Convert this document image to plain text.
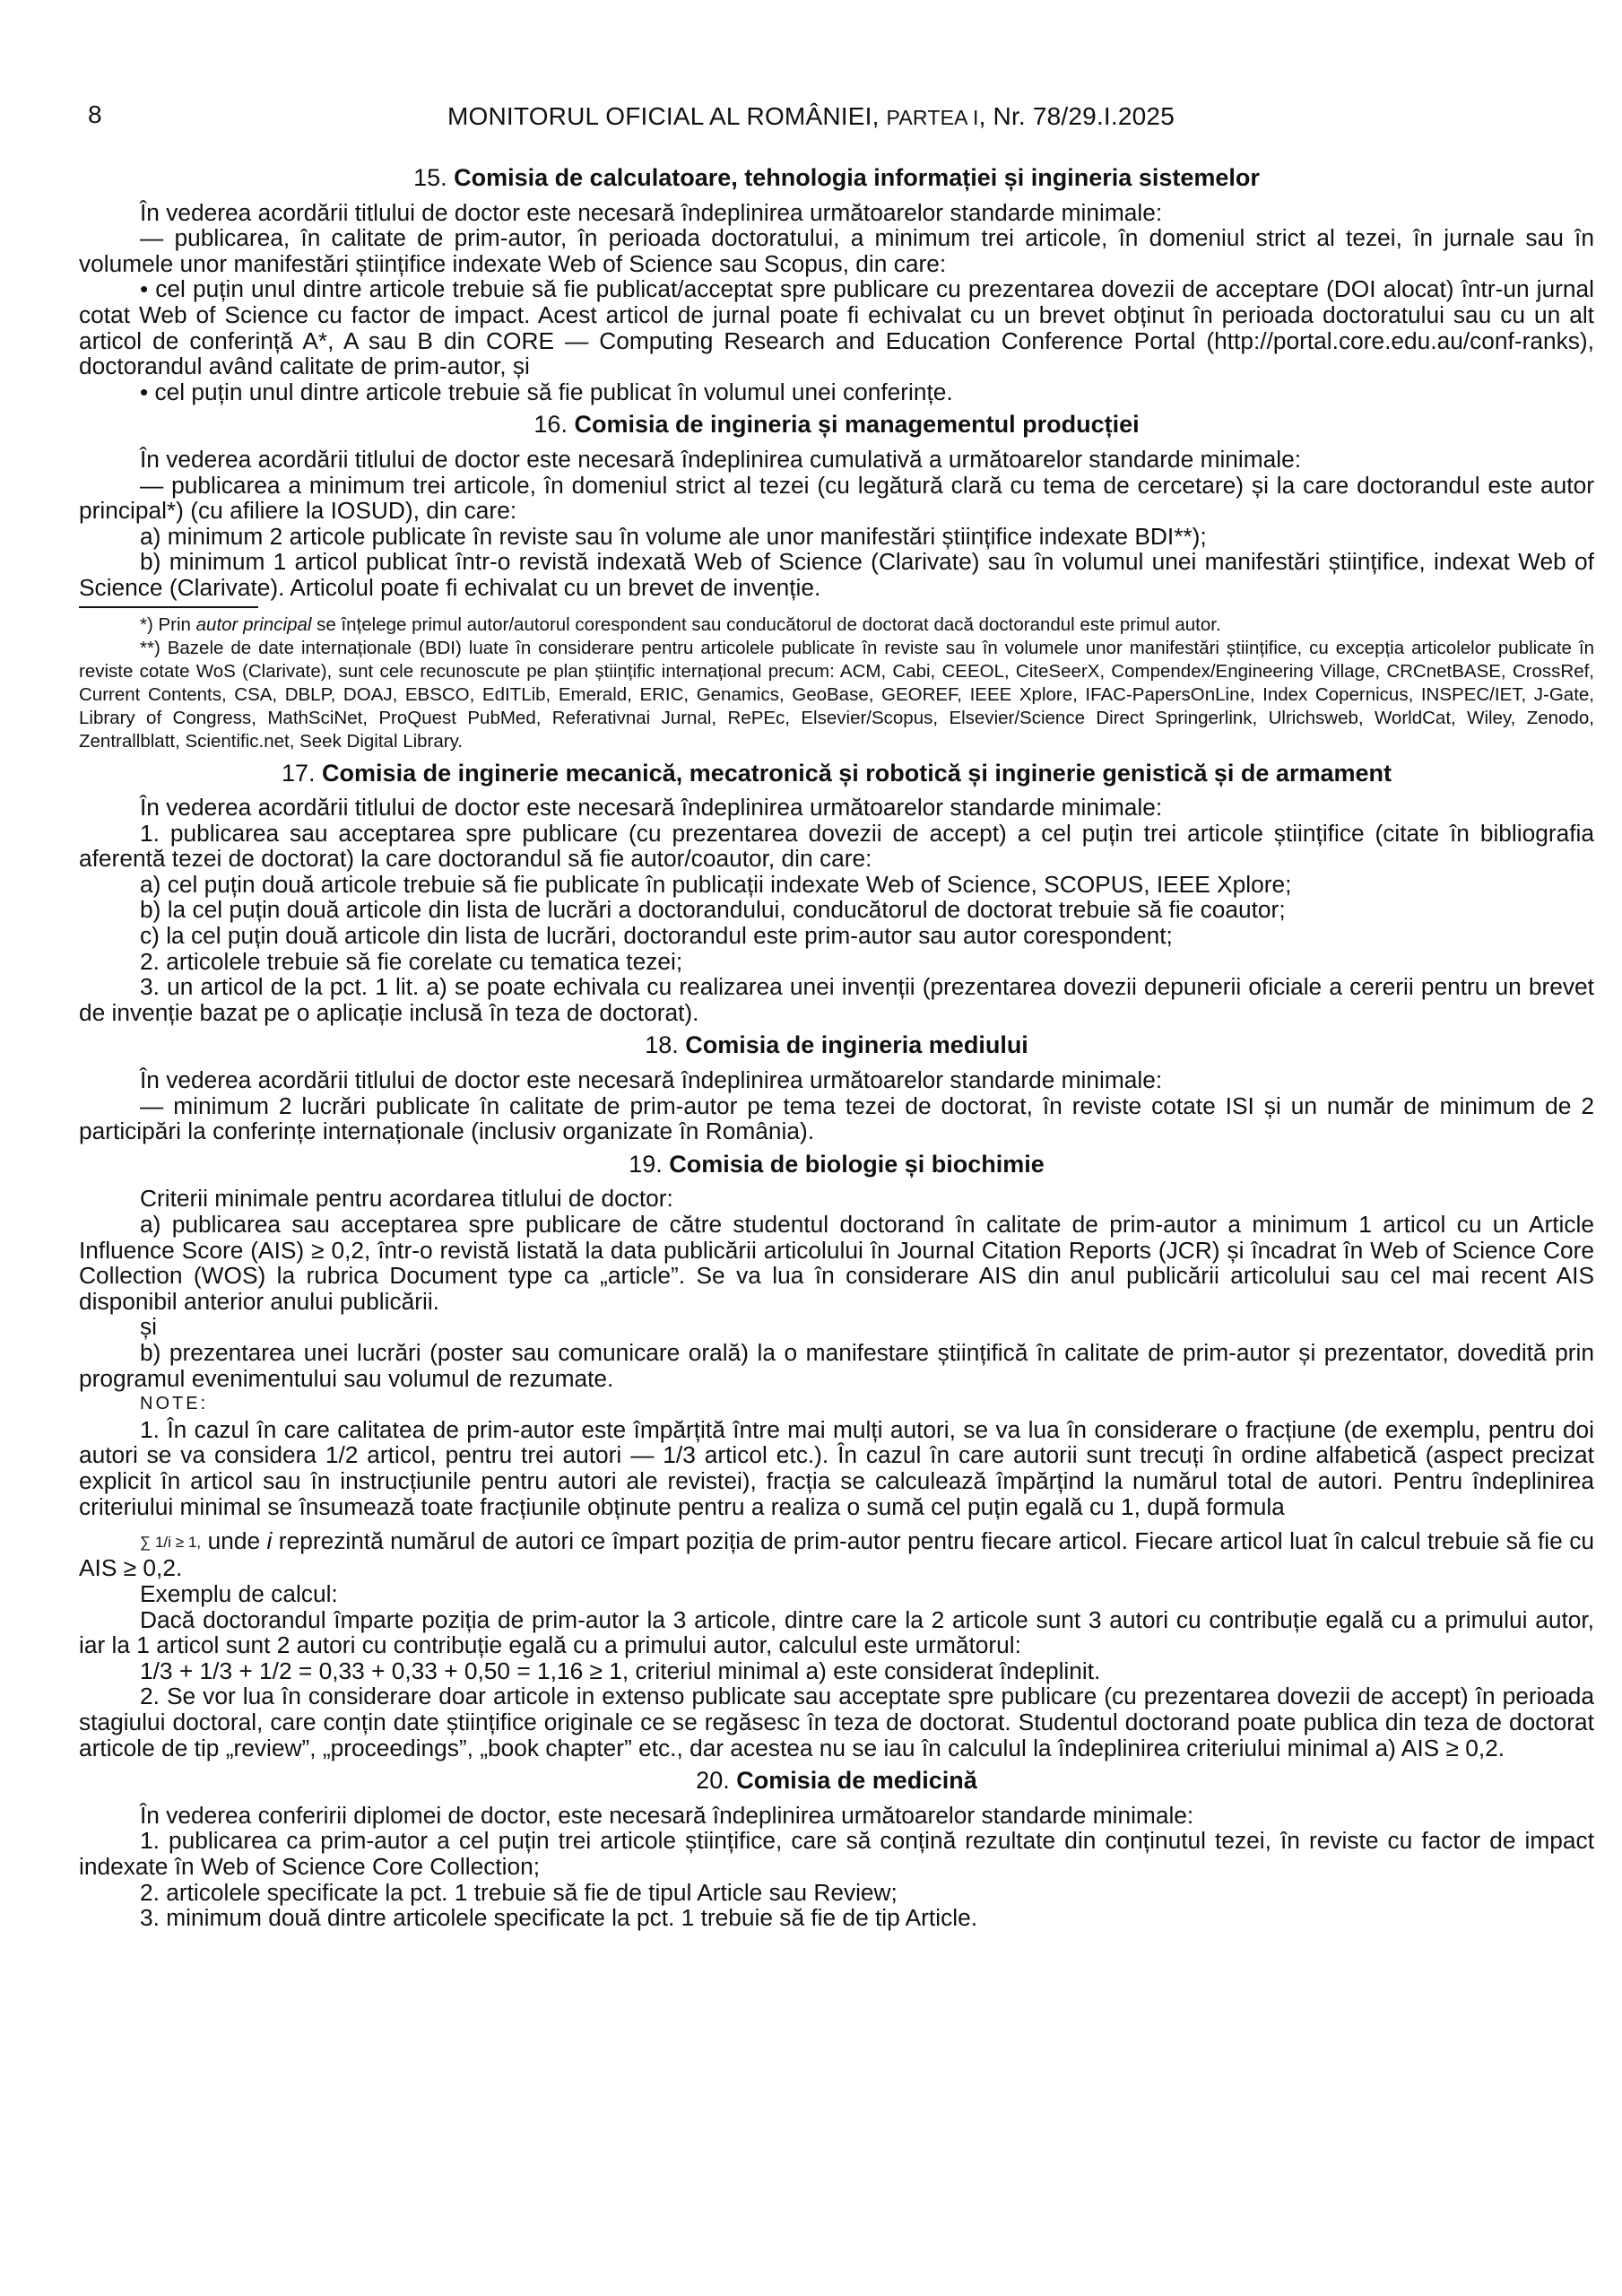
8	MONITORUL OFICIAL AL ROMÂNIEI, PARTEA I, Nr. 78/29.I.2025
15. Comisia de calculatoare, tehnologia informației și ingineria sistemelor
În vederea acordării titlului de doctor este necesară îndeplinirea următoarelor standarde minimale:
— publicarea, în calitate de prim-autor, în perioada doctoratului, a minimum trei articole, în domeniul strict al tezei, în jurnale sau în volumele unor manifestări științifice indexate Web of Science sau Scopus, din care:
• cel puțin unul dintre articole trebuie să fie publicat/acceptat spre publicare cu prezentarea dovezii de acceptare (DOI alocat) într-un jurnal cotat Web of Science cu factor de impact. Acest articol de jurnal poate fi echivalat cu un brevet obținut în perioada doctoratului sau cu un alt articol de conferință A*, A sau B din CORE — Computing Research and Education Conference Portal (http://portal.core.edu.au/conf-ranks), doctorandul având calitate de prim-autor, și
• cel puțin unul dintre articole trebuie să fie publicat în volumul unei conferințe.
16. Comisia de ingineria și managementul producției
În vederea acordării titlului de doctor este necesară îndeplinirea cumulativă a următoarelor standarde minimale:
— publicarea a minimum trei articole, în domeniul strict al tezei (cu legătură clară cu tema de cercetare) și la care doctorandul este autor principal*) (cu afiliere la IOSUD), din care:
a) minimum 2 articole publicate în reviste sau în volume ale unor manifestări științifice indexate BDI**);
b) minimum 1 articol publicat într-o revistă indexată Web of Science (Clarivate) sau în volumul unei manifestări științifice, indexat Web of Science (Clarivate). Articolul poate fi echivalat cu un brevet de invenție.
*) Prin autor principal se înțelege primul autor/autorul corespondent sau conducătorul de doctorat dacă doctorandul este primul autor.
**) Bazele de date internaționale (BDI) luate în considerare pentru articolele publicate în reviste sau în volumele unor manifestări științifice, cu excepția articolelor publicate în reviste cotate WoS (Clarivate), sunt cele recunoscute pe plan științific internațional precum: ACM, Cabi, CEEOL, CiteSeerX, Compendex/Engineering Village, CRCnetBASE, CrossRef, Current Contents, CSA, DBLP, DOAJ, EBSCO, EdITLib, Emerald, ERIC, Genamics, GeoBase, GEOREF, IEEE Xplore, IFAC-PapersOnLine, Index Copernicus, INSPEC/IET, J-Gate, Library of Congress, MathSciNet, ProQuest PubMed, Referativnai Jurnal, RePEc, Elsevier/Scopus, Elsevier/Science Direct Springerlink, Ulrichsweb, WorldCat, Wiley, Zenodo, Zentrallblatt, Scientific.net, Seek Digital Library.
17. Comisia de inginerie mecanică, mecatronică și robotică și inginerie genistică și de armament
În vederea acordării titlului de doctor este necesară îndeplinirea următoarelor standarde minimale:
1. publicarea sau acceptarea spre publicare (cu prezentarea dovezii de accept) a cel puțin trei articole științifice (citate în bibliografia aferentă tezei de doctorat) la care doctorandul să fie autor/coautor, din care:
a) cel puțin două articole trebuie să fie publicate în publicații indexate Web of Science, SCOPUS, IEEE Xplore;
b) la cel puțin două articole din lista de lucrări a doctorandului, conducătorul de doctorat trebuie să fie coautor;
c) la cel puțin două articole din lista de lucrări, doctorandul este prim-autor sau autor corespondent;
2. articolele trebuie să fie corelate cu tematica tezei;
3. un articol de la pct. 1 lit. a) se poate echivala cu realizarea unei invenții (prezentarea dovezii depunerii oficiale a cererii pentru un brevet de invenție bazat pe o aplicație inclusă în teza de doctorat).
18. Comisia de ingineria mediului
În vederea acordării titlului de doctor este necesară îndeplinirea următoarelor standarde minimale:
— minimum 2 lucrări publicate în calitate de prim-autor pe tema tezei de doctorat, în reviste cotate ISI și un număr de minimum de 2 participări la conferințe internaționale (inclusiv organizate în România).
19. Comisia de biologie și biochimie
Criterii minimale pentru acordarea titlului de doctor:
a) publicarea sau acceptarea spre publicare de către studentul doctorand în calitate de prim-autor a minimum 1 articol cu un Article Influence Score (AIS) ≥ 0,2, într-o revistă listată la data publicării articolului în Journal Citation Reports (JCR) și încadrat în Web of Science Core Collection (WOS) la rubrica Document type ca „article”. Se va lua în considerare AIS din anul publicării articolului sau cel mai recent AIS disponibil anterior anului publicării.
și
b) prezentarea unei lucrări (poster sau comunicare orală) la o manifestare științifică în calitate de prim-autor și prezentator, dovedită prin programul evenimentului sau volumul de rezumate.
NOTE:
1. În cazul în care calitatea de prim-autor este împărțită între mai mulți autori, se va lua în considerare o fracțiune (de exemplu, pentru doi autori se va considera 1/2 articol, pentru trei autori — 1/3 articol etc.). În cazul în care autorii sunt trecuți în ordine alfabetică (aspect precizat explicit în articol sau în instrucțiunile pentru autori ale revistei), fracția se calculează împărțind la numărul total de autori. Pentru îndeplinirea criteriului minimal se însumează toate fracțiunile obținute pentru a realiza o sumă cel puțin egală cu 1, după formula
∑ 1/i ≥ 1, unde i reprezintă numărul de autori ce împart poziția de prim-autor pentru fiecare articol. Fiecare articol luat în calcul trebuie să fie cu AIS ≥ 0,2.
Exemplu de calcul:
Dacă doctorandul împarte poziția de prim-autor la 3 articole, dintre care la 2 articole sunt 3 autori cu contribuție egală cu a primului autor, iar la 1 articol sunt 2 autori cu contribuție egală cu a primului autor, calculul este următorul:
1/3 + 1/3 + 1/2 = 0,33 + 0,33 + 0,50 = 1,16 ≥ 1, criteriul minimal a) este considerat îndeplinit.
2. Se vor lua în considerare doar articole in extenso publicate sau acceptate spre publicare (cu prezentarea dovezii de accept) în perioada stagiului doctoral, care conțin date științifice originale ce se regăsesc în teza de doctorat. Studentul doctorand poate publica din teza de doctorat articole de tip „review”, „proceedings”, „book chapter” etc., dar acestea nu se iau în calculul la îndeplinirea criteriului minimal a) AIS ≥ 0,2.
20. Comisia de medicină
În vederea conferirii diplomei de doctor, este necesară îndeplinirea următoarelor standarde minimale:
1. publicarea ca prim-autor a cel puțin trei articole științifice, care să conțină rezultate din conținutul tezei, în reviste cu factor de impact indexate în Web of Science Core Collection;
2. articolele specificate la pct. 1 trebuie să fie de tipul Article sau Review;
3. minimum două dintre articolele specificate la pct. 1 trebuie să fie de tip Article.
